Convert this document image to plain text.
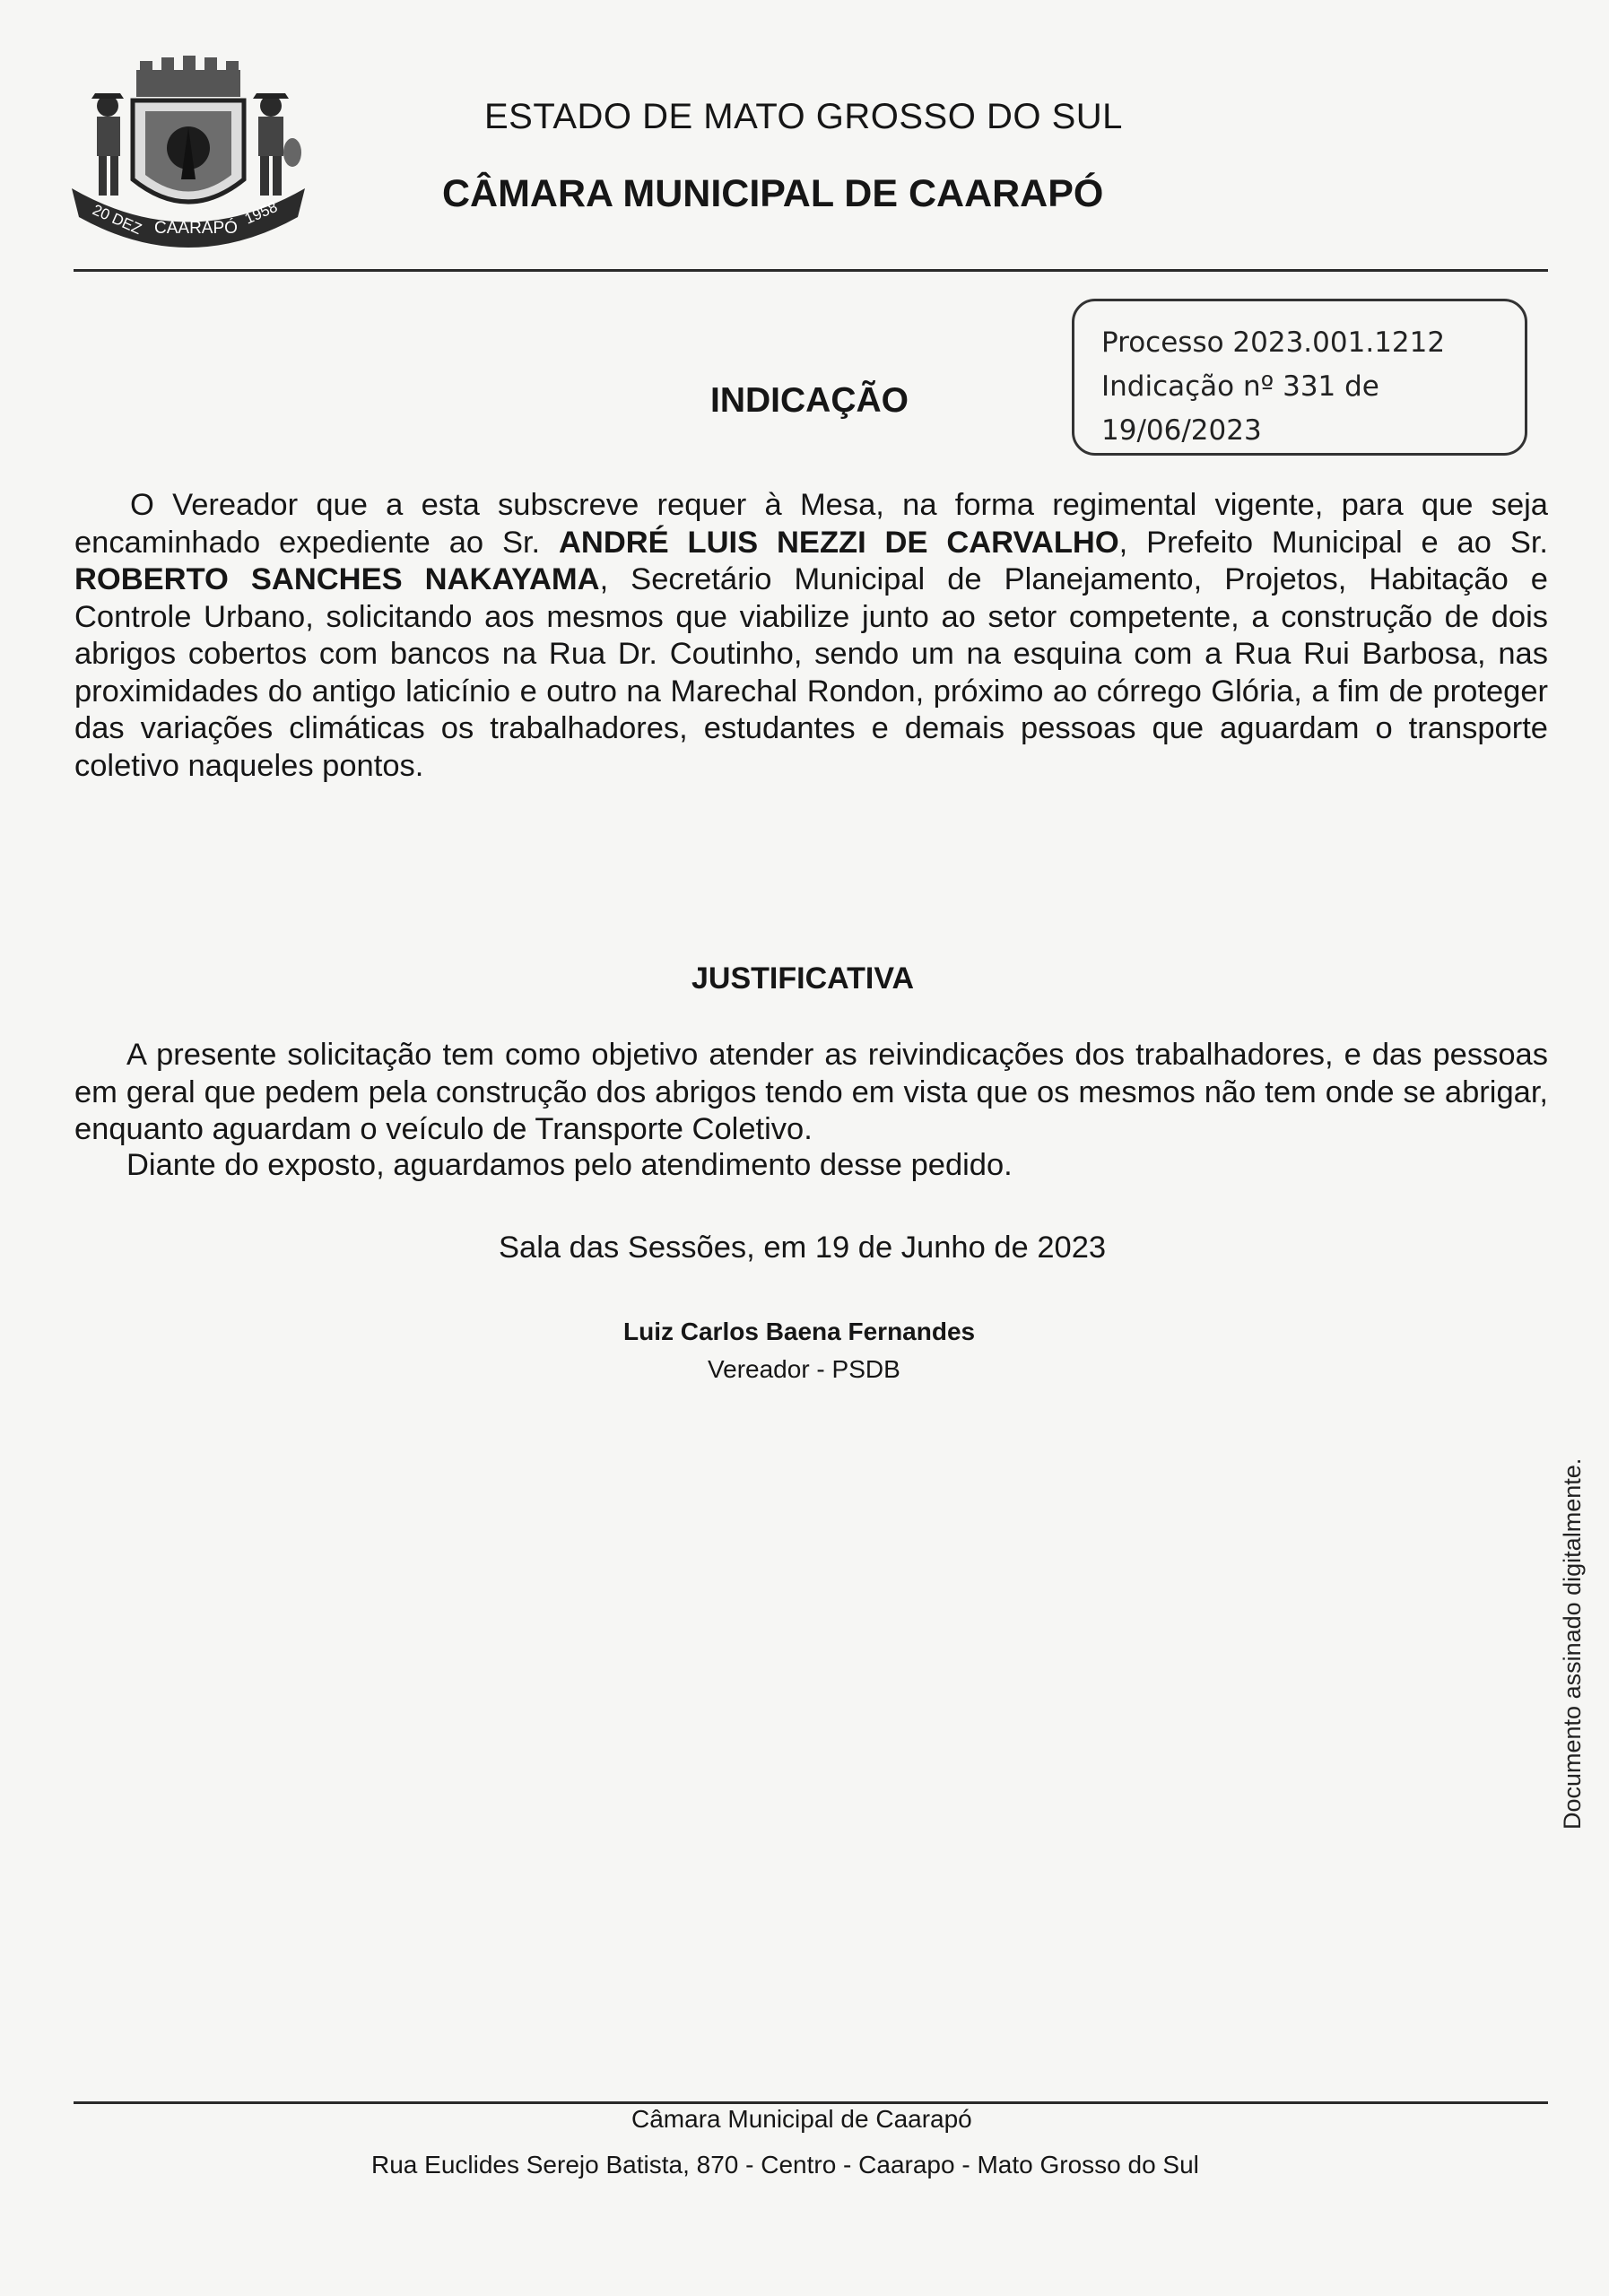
20 DEZ CAARAPÓ
1958
ESTADO DE MATO GROSSO DO SUL
CÂMARA MUNICIPAL DE CAARAPÓ
Processo 2023.001.1212
Indicação nº 331 de
19/06/2023
INDICAÇÃO
O Vereador que a esta subscreve requer à Mesa, na forma regimental vigente, para que seja encaminhado expediente ao Sr. ANDRÉ LUIS NEZZI DE CARVALHO, Prefeito Municipal e ao Sr. ROBERTO SANCHES NAKAYAMA, Secretário Municipal de Planejamento, Projetos, Habitação e Controle Urbano, solicitando aos mesmos que viabilize junto ao setor competente, a construção de dois abrigos cobertos com bancos na Rua Dr. Coutinho, sendo um na esquina com a Rua Rui Barbosa, nas proximidades do antigo laticínio e outro na Marechal Rondon, próximo ao córrego Glória, a fim de proteger das variações climáticas os trabalhadores, estudantes e demais pessoas que aguardam o transporte coletivo naqueles pontos.
JUSTIFICATIVA
A presente solicitação tem como objetivo atender as reivindicações dos trabalhadores, e das pessoas em geral que pedem pela construção dos abrigos tendo em vista que os mesmos não tem onde se abrigar, enquanto aguardam o veículo de Transporte Coletivo.
Diante do exposto, aguardamos pelo atendimento desse pedido.
Sala das Sessões, em 19 de Junho de 2023
Luiz Carlos Baena Fernandes
Vereador - PSDB
Documento assinado digitalmente.
Câmara Municipal de Caarapó
Rua Euclides Serejo Batista, 870 - Centro - Caarapo - Mato Grosso do Sul
